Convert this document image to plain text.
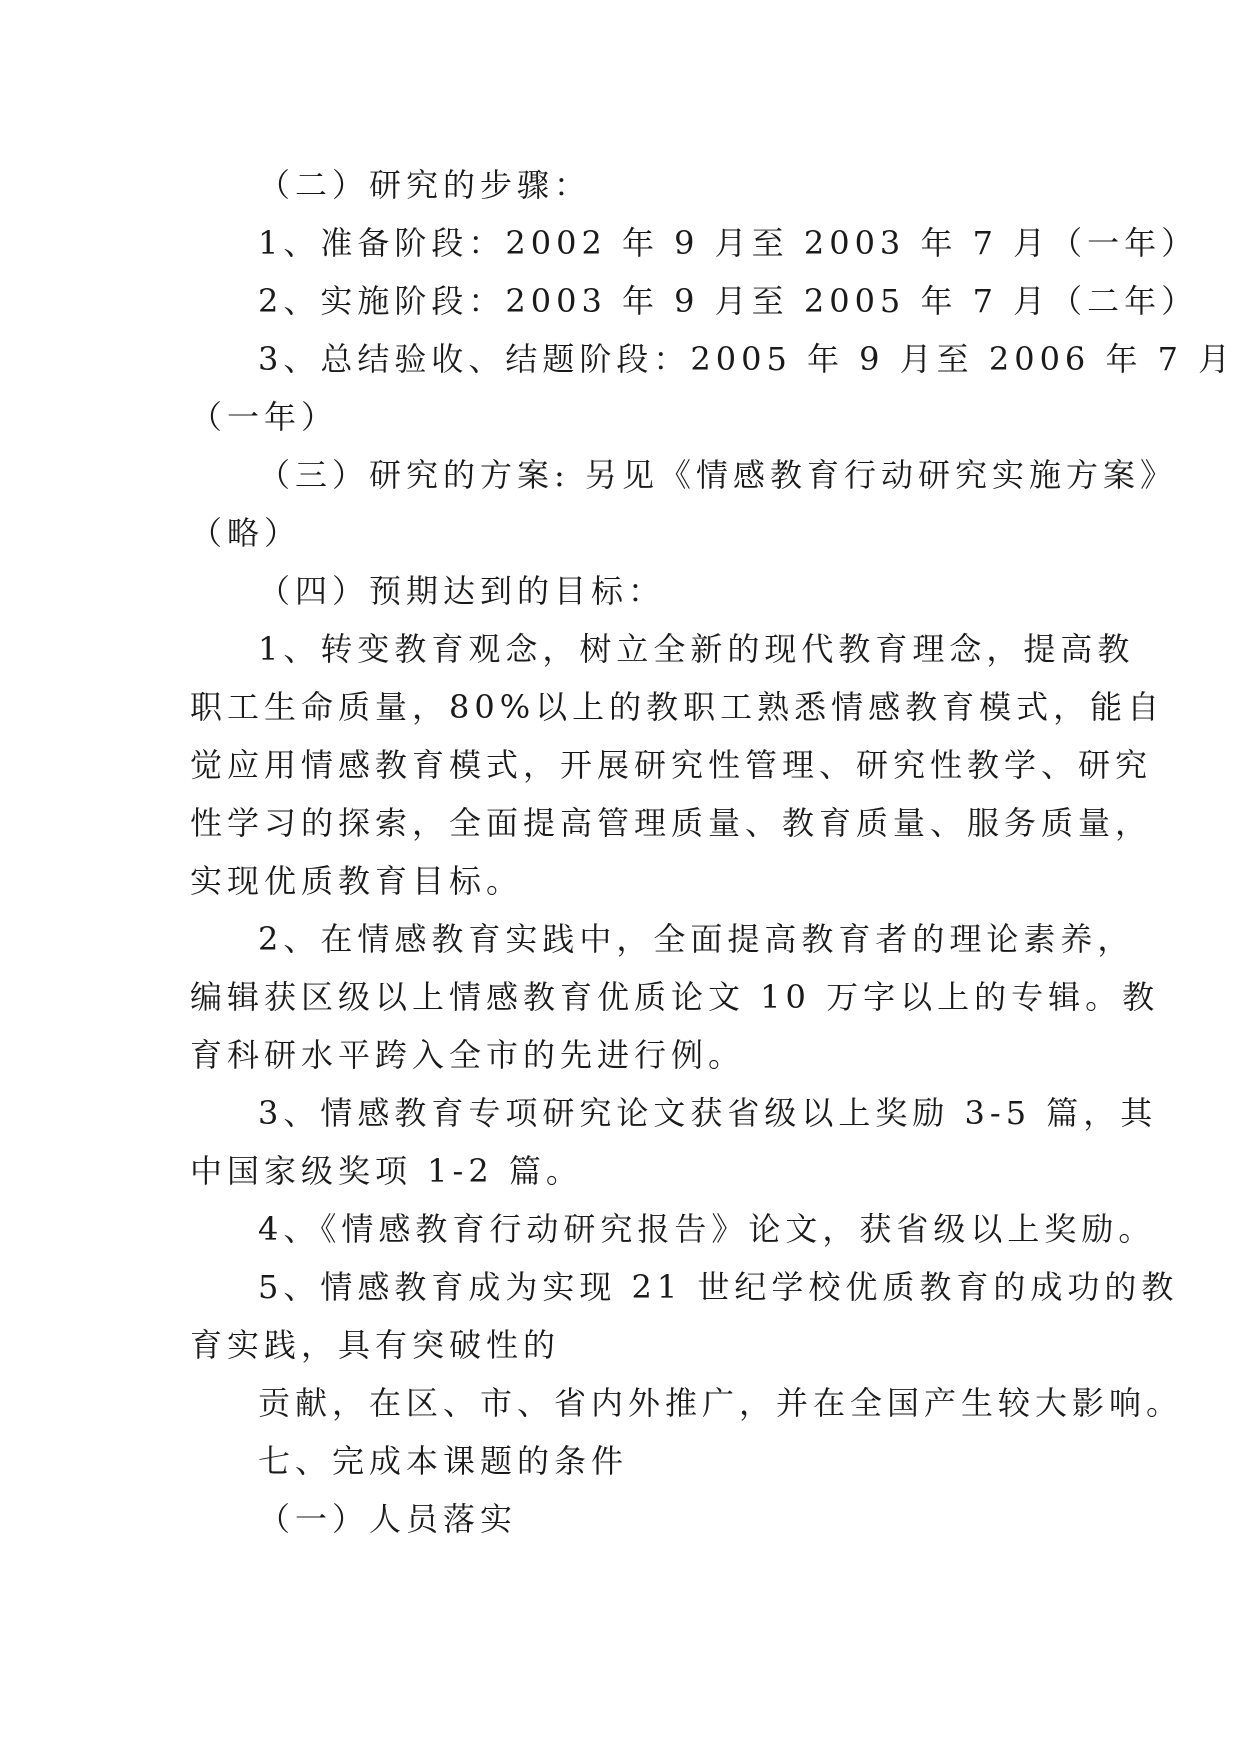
（二）研究的步骤：
1、准备阶段：2002 年 9 月至 2003 年 7 月（一年）
2、实施阶段：2003 年 9 月至 2005 年 7 月（二年）
3、总结验收、结题阶段：2005 年 9 月至 2006 年 7 月
（一年）
（三）研究的方案: 另见《情感教育行动研究实施方案》
（略）
（四）预期达到的目标：
1、转变教育观念，树立全新的现代教育理念，提高教
职工生命质量，80%以上的教职工熟悉情感教育模式，能自
觉应用情感教育模式，开展研究性管理、研究性教学、研究
性学习的探索，全面提高管理质量、教育质量、服务质量，
实现优质教育目标。
2、在情感教育实践中，全面提高教育者的理论素养，
编辑获区级以上情感教育优质论文 10 万字以上的专辑。教
育科研水平跨入全市的先进行例。
3、情感教育专项研究论文获省级以上奖励 3-5 篇，其
中国家级奖项 1-2 篇。
4、《情感教育行动研究报告》论文，获省级以上奖励。
5、情感教育成为实现 21 世纪学校优质教育的成功的教
育实践，具有突破性的
贡献，在区、市、省内外推广，并在全国产生较大影响。
七、完成本课题的条件
（一）人员落实
